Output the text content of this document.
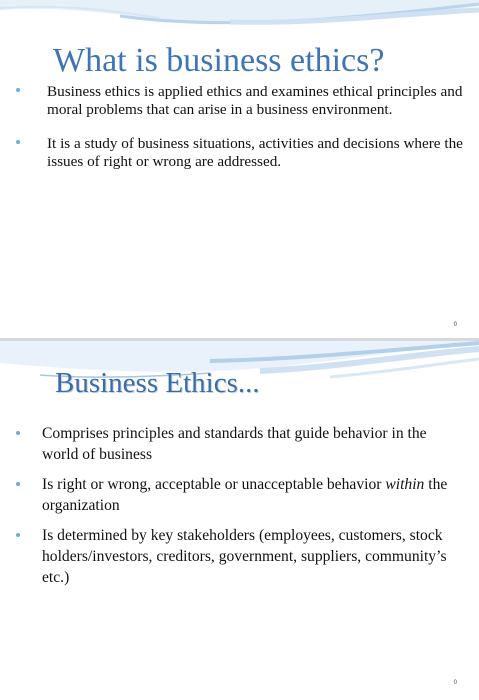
What is business ethics?
Business ethics is applied ethics and examines ethical principles and moral problems that can arise in a business environment.
It is a study of business situations, activities and decisions where the issues of right or wrong are addressed.
0
Business Ethics...
Comprises principles and standards that guide behavior in the world of business
Is right or wrong, acceptable or unacceptable behavior within the organization
Is determined by key stakeholders (employees, customers, stock holders/investors, creditors, government, suppliers, community’s etc.)
0
